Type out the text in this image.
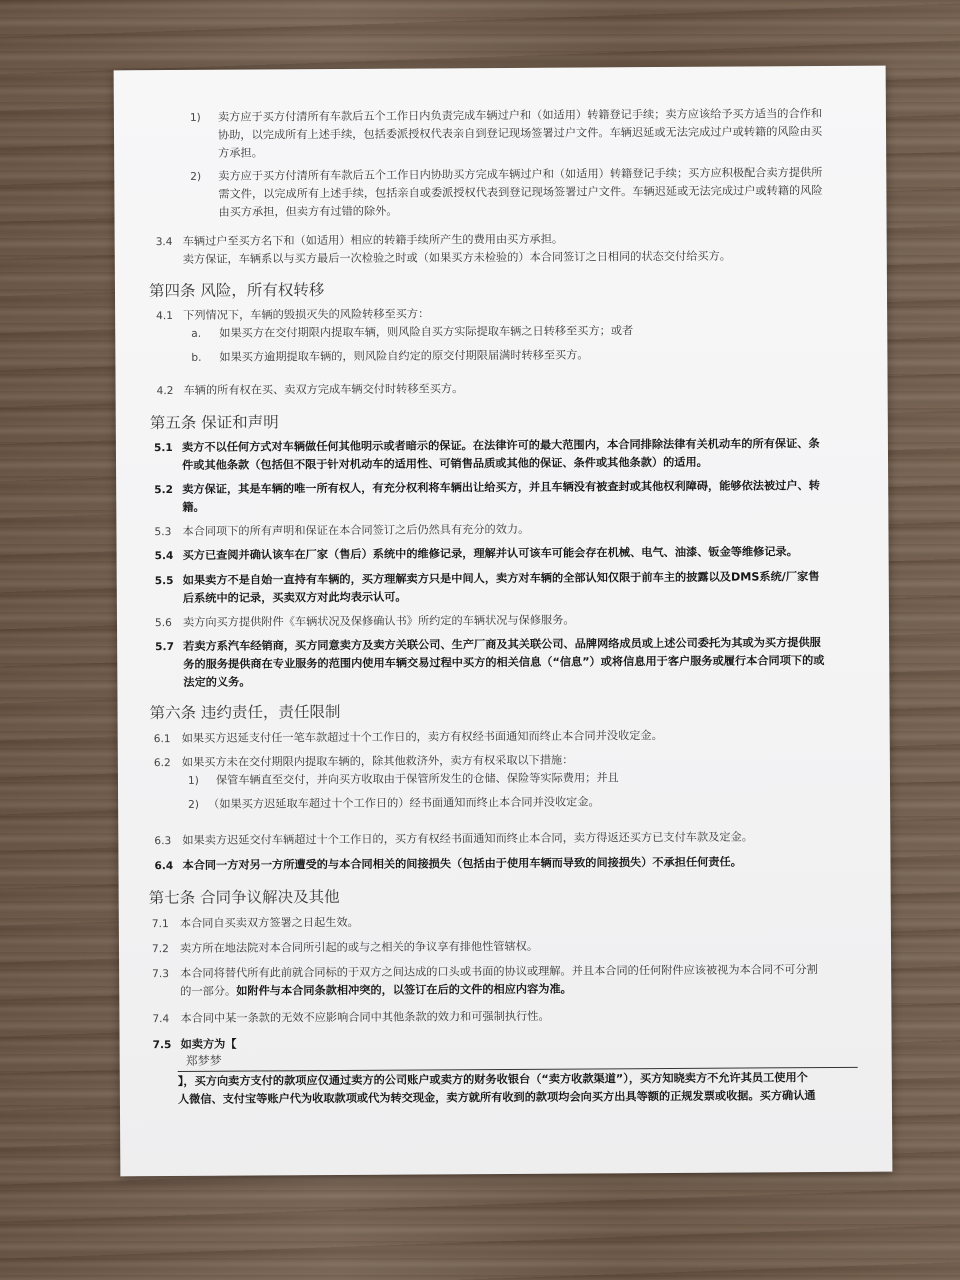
1) 卖方应于买方付清所有车款后五个工作日内负责完成车辆过户和（如适用）转籍登记手续；卖方应该给予买方适当的合作和
协助，以完成所有上述手续，包括委派授权代表亲自到登记现场签署过户文件。车辆迟延或无法完成过户或转籍的风险由买
方承担。
2) 卖方应于买方付清所有车款后五个工作日内协助买方完成车辆过户和（如适用）转籍登记手续；买方应积极配合卖方提供所
需文件，以完成所有上述手续，包括亲自或委派授权代表到登记现场签署过户文件。车辆迟延或无法完成过户或转籍的风险
由买方承担，但卖方有过错的除外。
3.4 车辆过户至买方名下和（如适用）相应的转籍手续所产生的费用由买方承担。
卖方保证，车辆系以与买方最后一次检验之时或（如果买方未检验的）本合同签订之日相同的状态交付给买方。
第四条 风险，所有权转移
4.1 下列情况下，车辆的毁损灭失的风险转移至买方：
a. 如果买方在交付期限内提取车辆，则风险自买方实际提取车辆之日转移至买方；或者
b. 如果买方逾期提取车辆的，则风险自约定的原交付期限届满时转移至买方。
4.2 车辆的所有权在买、卖双方完成车辆交付时转移至买方。
第五条 保证和声明
5.1 卖方不以任何方式对车辆做任何其他明示或者暗示的保证。在法律许可的最大范围内，本合同排除法律有关机动车的所有保证、条
件或其他条款（包括但不限于针对机动车的适用性、可销售品质或其他的保证、条件或其他条款）的适用。
5.2 卖方保证，其是车辆的唯一所有权人，有充分权利将车辆出让给买方，并且车辆没有被查封或其他权利障碍，能够依法被过户、转
籍。
5.3 本合同项下的所有声明和保证在本合同签订之后仍然具有充分的效力。
5.4 买方已查阅并确认该车在厂家（售后）系统中的维修记录，理解并认可该车可能会存在机械、电气、油漆、钣金等维修记录。
5.5 如果卖方不是自始一直持有车辆的，买方理解卖方只是中间人，卖方对车辆的全部认知仅限于前车主的披露以及DMS系统/厂家售
后系统中的记录，买卖双方对此均表示认可。
5.6 卖方向买方提供附件《车辆状况及保修确认书》所约定的车辆状况与保修服务。
5.7 若卖方系汽车经销商，买方同意卖方及卖方关联公司、生产厂商及其关联公司、品牌网络成员或上述公司委托为其或为买方提供服
务的服务提供商在专业服务的范围内使用车辆交易过程中买方的相关信息（“信息”）或将信息用于客户服务或履行本合同项下的或
法定的义务。
第六条 违约责任，责任限制
6.1 如果买方迟延支付任一笔车款超过十个工作日的，卖方有权经书面通知而终止本合同并没收定金。
6.2 如果买方未在交付期限内提取车辆的，除其他救济外，卖方有权采取以下措施：
1) 保管车辆直至交付，并向买方收取由于保管所发生的仓储、保险等实际费用；并且
2) （如果买方迟延取车超过十个工作日的）经书面通知而终止本合同并没收定金。
6.3 如果卖方迟延交付车辆超过十个工作日的，买方有权经书面通知而终止本合同，卖方得返还买方已支付车款及定金。
6.4 本合同一方对另一方所遭受的与本合同相关的间接损失（包括由于使用车辆而导致的间接损失）不承担任何责任。
第七条 合同争议解决及其他
7.1 本合同自买卖双方签署之日起生效。
7.2 卖方所在地法院对本合同所引起的或与之相关的争议享有排他性管辖权。
7.3 本合同将替代所有此前就合同标的于双方之间达成的口头或书面的协议或理解。并且本合同的任何附件应该被视为本合同不可分割
的一部分。如附件与本合同条款相冲突的，以签订在后的文件的相应内容为准。
7.4 本合同中某一条款的无效不应影响合同中其他条款的效力和可强制执行性。
7.5 如卖方为【
郑梦梦
】，买方向卖方支付的款项应仅通过卖方的公司账户或卖方的财务收银台（“卖方收款渠道”），买方知晓卖方不允许其员工使用个
人微信、支付宝等账户代为收取款项或代为转交现金，卖方就所有收到的款项均会向买方出具等额的正规发票或收据。买方确认通
